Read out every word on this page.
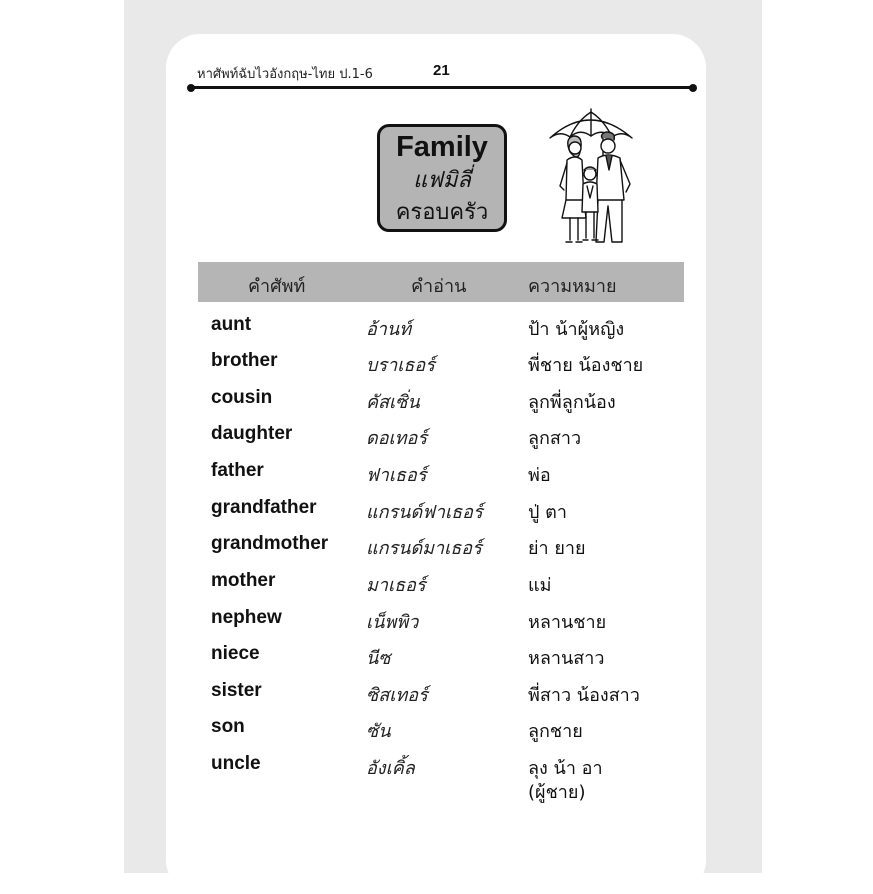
หาศัพท์ฉับไวอังกฤษ-ไทย ป.1-6	21
Family
แฟมิลี่
ครอบครัว
คำศัพท์	คำอ่าน	ความหมาย
aunt	อ้านท์	ป้า น้าผู้หญิง
brother	บราเธอร์	พี่ชาย น้องชาย
cousin	คัสเซิ่น	ลูกพี่ลูกน้อง
daughter	ดอเทอร์	ลูกสาว
father	ฟาเธอร์	พ่อ
grandfather	แกรนด์ฟาเธอร์	ปู่ ตา
grandmother แกรนด์มาเธอร์	ย่า ยาย
mother	มาเธอร์	แม่
nephew	เน็พพิว	หลานชาย
niece	นีซ	หลานสาว
sister	ซิสเทอร์	พี่สาว น้องสาว
son	ซัน	ลูกชาย
uncle	อังเคิ้ล	ลุง น้า อา
(ผู้ชาย)
